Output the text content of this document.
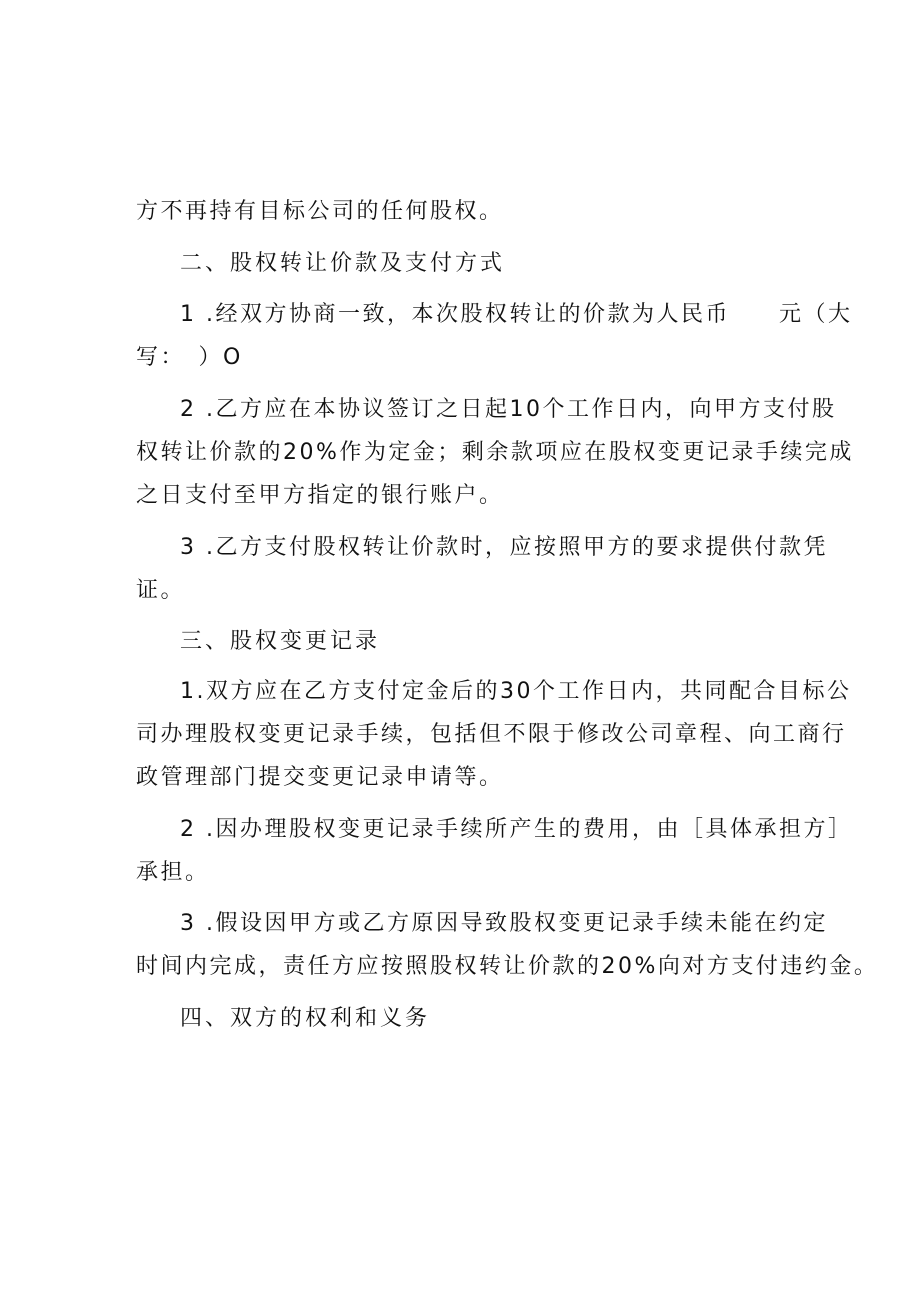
方不再持有目标公司的任何股权。

二、股权转让价款及支付方式

1 .经双方协商一致，本次股权转让的价款为人民币　　元（大

写：　）O

2 .乙方应在本协议签订之日起10个工作日内，向甲方支付股

权转让价款的20%作为定金；剩余款项应在股权变更记录手续完成

之日支付至甲方指定的银行账户。

3 .乙方支付股权转让价款时，应按照甲方的要求提供付款凭

证。

三、股权变更记录

1.双方应在乙方支付定金后的30个工作日内，共同配合目标公

司办理股权变更记录手续，包括但不限于修改公司章程、向工商行

政管理部门提交变更记录申请等。

2 .因办理股权变更记录手续所产生的费用，由［具体承担方］

承担。

3 .假设因甲方或乙方原因导致股权变更记录手续未能在约定

时间内完成，责任方应按照股权转让价款的20%向对方支付违约金。

四、双方的权利和义务
